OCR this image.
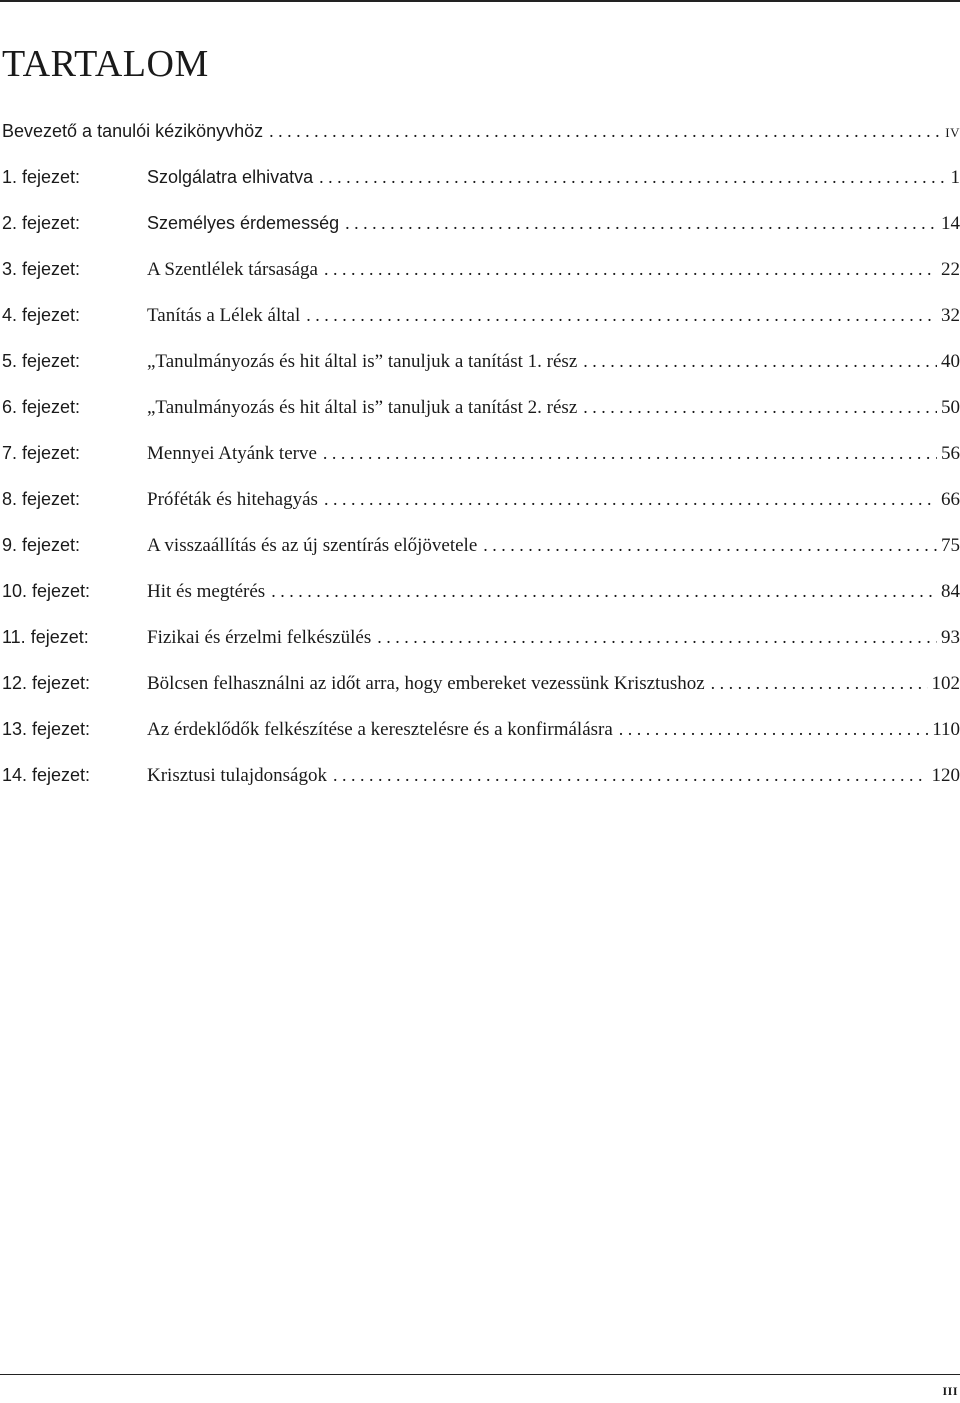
TARTALOM
Bevezető a tanulói kézikönyvhöz . . .	IV
1. fejezet:	Szolgálatra elhivatva . . .	1
2. fejezet:	Személyes érdemesség . . .	14
3. fejezet:	A Szentlélek társasága . . .	22
4. fejezet:	Tanítás a Lélek által . . .	32
5. fejezet:	„Tanulmányozás és hit által is” tanuljuk a tanítást 1. rész . . .	40
6. fejezet:	„Tanulmányozás és hit által is” tanuljuk a tanítást 2. rész . . .	50
7. fejezet:	Mennyei Atyánk terve . . .	56
8. fejezet:	Próféták és hitehagyás . . .	66
9. fejezet:	A visszaállítás és az új szentírás előjövetele . . .	75
10. fejezet:	Hit és megtérés . . .	84
11. fejezet:	Fizikai és érzelmi felkészülés . . .	93
12. fejezet:	Bölcsen felhasználni az időt arra, hogy embereket vezessünk Krisztushoz . . .	102
13. fejezet:	Az érdeklődők felkészítése a keresztelésre és a konfirmálásra . . .	110
14. fejezet:	Krisztusi tulajdonságok . . .	120
III
